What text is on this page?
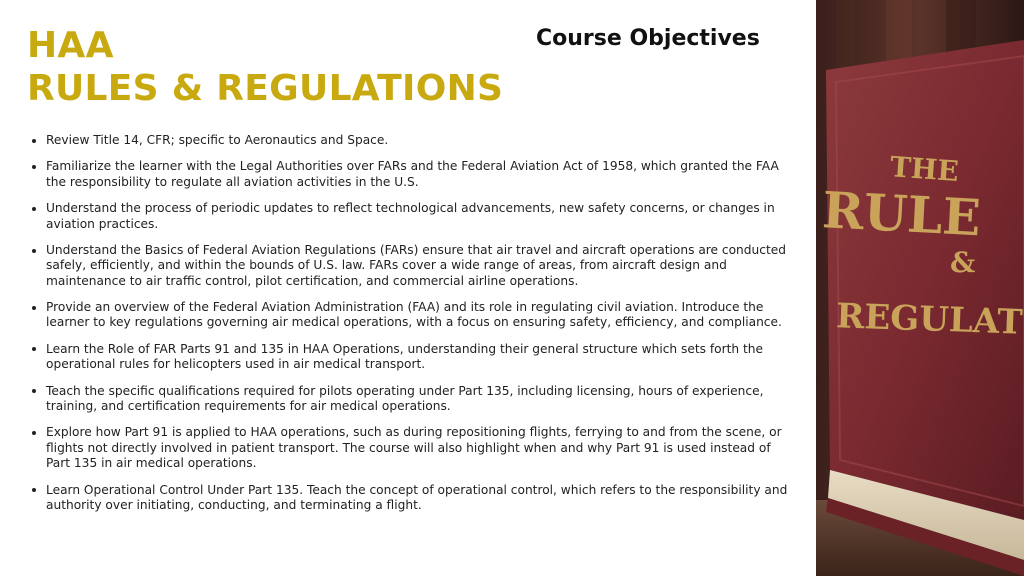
HAA
RULES & REGULATIONS
Course Objectives
Review Title 14, CFR; specific to Aeronautics and Space.
Familiarize the learner with the Legal Authorities over FARs and the Federal Aviation Act of 1958, which granted the FAA the responsibility to regulate all aviation activities in the U.S.
Understand the process of periodic updates to reflect technological advancements, new safety concerns, or changes in aviation practices.
Understand the Basics of Federal Aviation Regulations (FARs) ensure that air travel and aircraft operations are conducted safely, efficiently, and within the bounds of U.S. law. FARs cover a wide range of areas, from aircraft design and maintenance to air traffic control, pilot certification, and commercial airline operations.
Provide an overview of the Federal Aviation Administration (FAA) and its role in regulating civil aviation. Introduce the learner to key regulations governing air medical operations, with a focus on ensuring safety, efficiency, and compliance.
Learn the Role of FAR Parts 91 and 135 in HAA Operations, understanding their general structure which sets forth the operational rules for helicopters used in air medical transport.
Teach the specific qualifications required for pilots operating under Part 135, including licensing, hours of experience, training, and certification requirements for air medical operations.
Explore how Part 91 is applied to HAA operations, such as during repositioning flights, ferrying to and from the scene, or flights not directly involved in patient transport. The course will also highlight when and why Part 91 is used instead of Part 135 in air medical operations.
Learn Operational Control Under Part 135. Teach the concept of operational control, which refers to the responsibility and authority over initiating, conducting, and terminating a flight.
THE
RULE
&
REGULAT
